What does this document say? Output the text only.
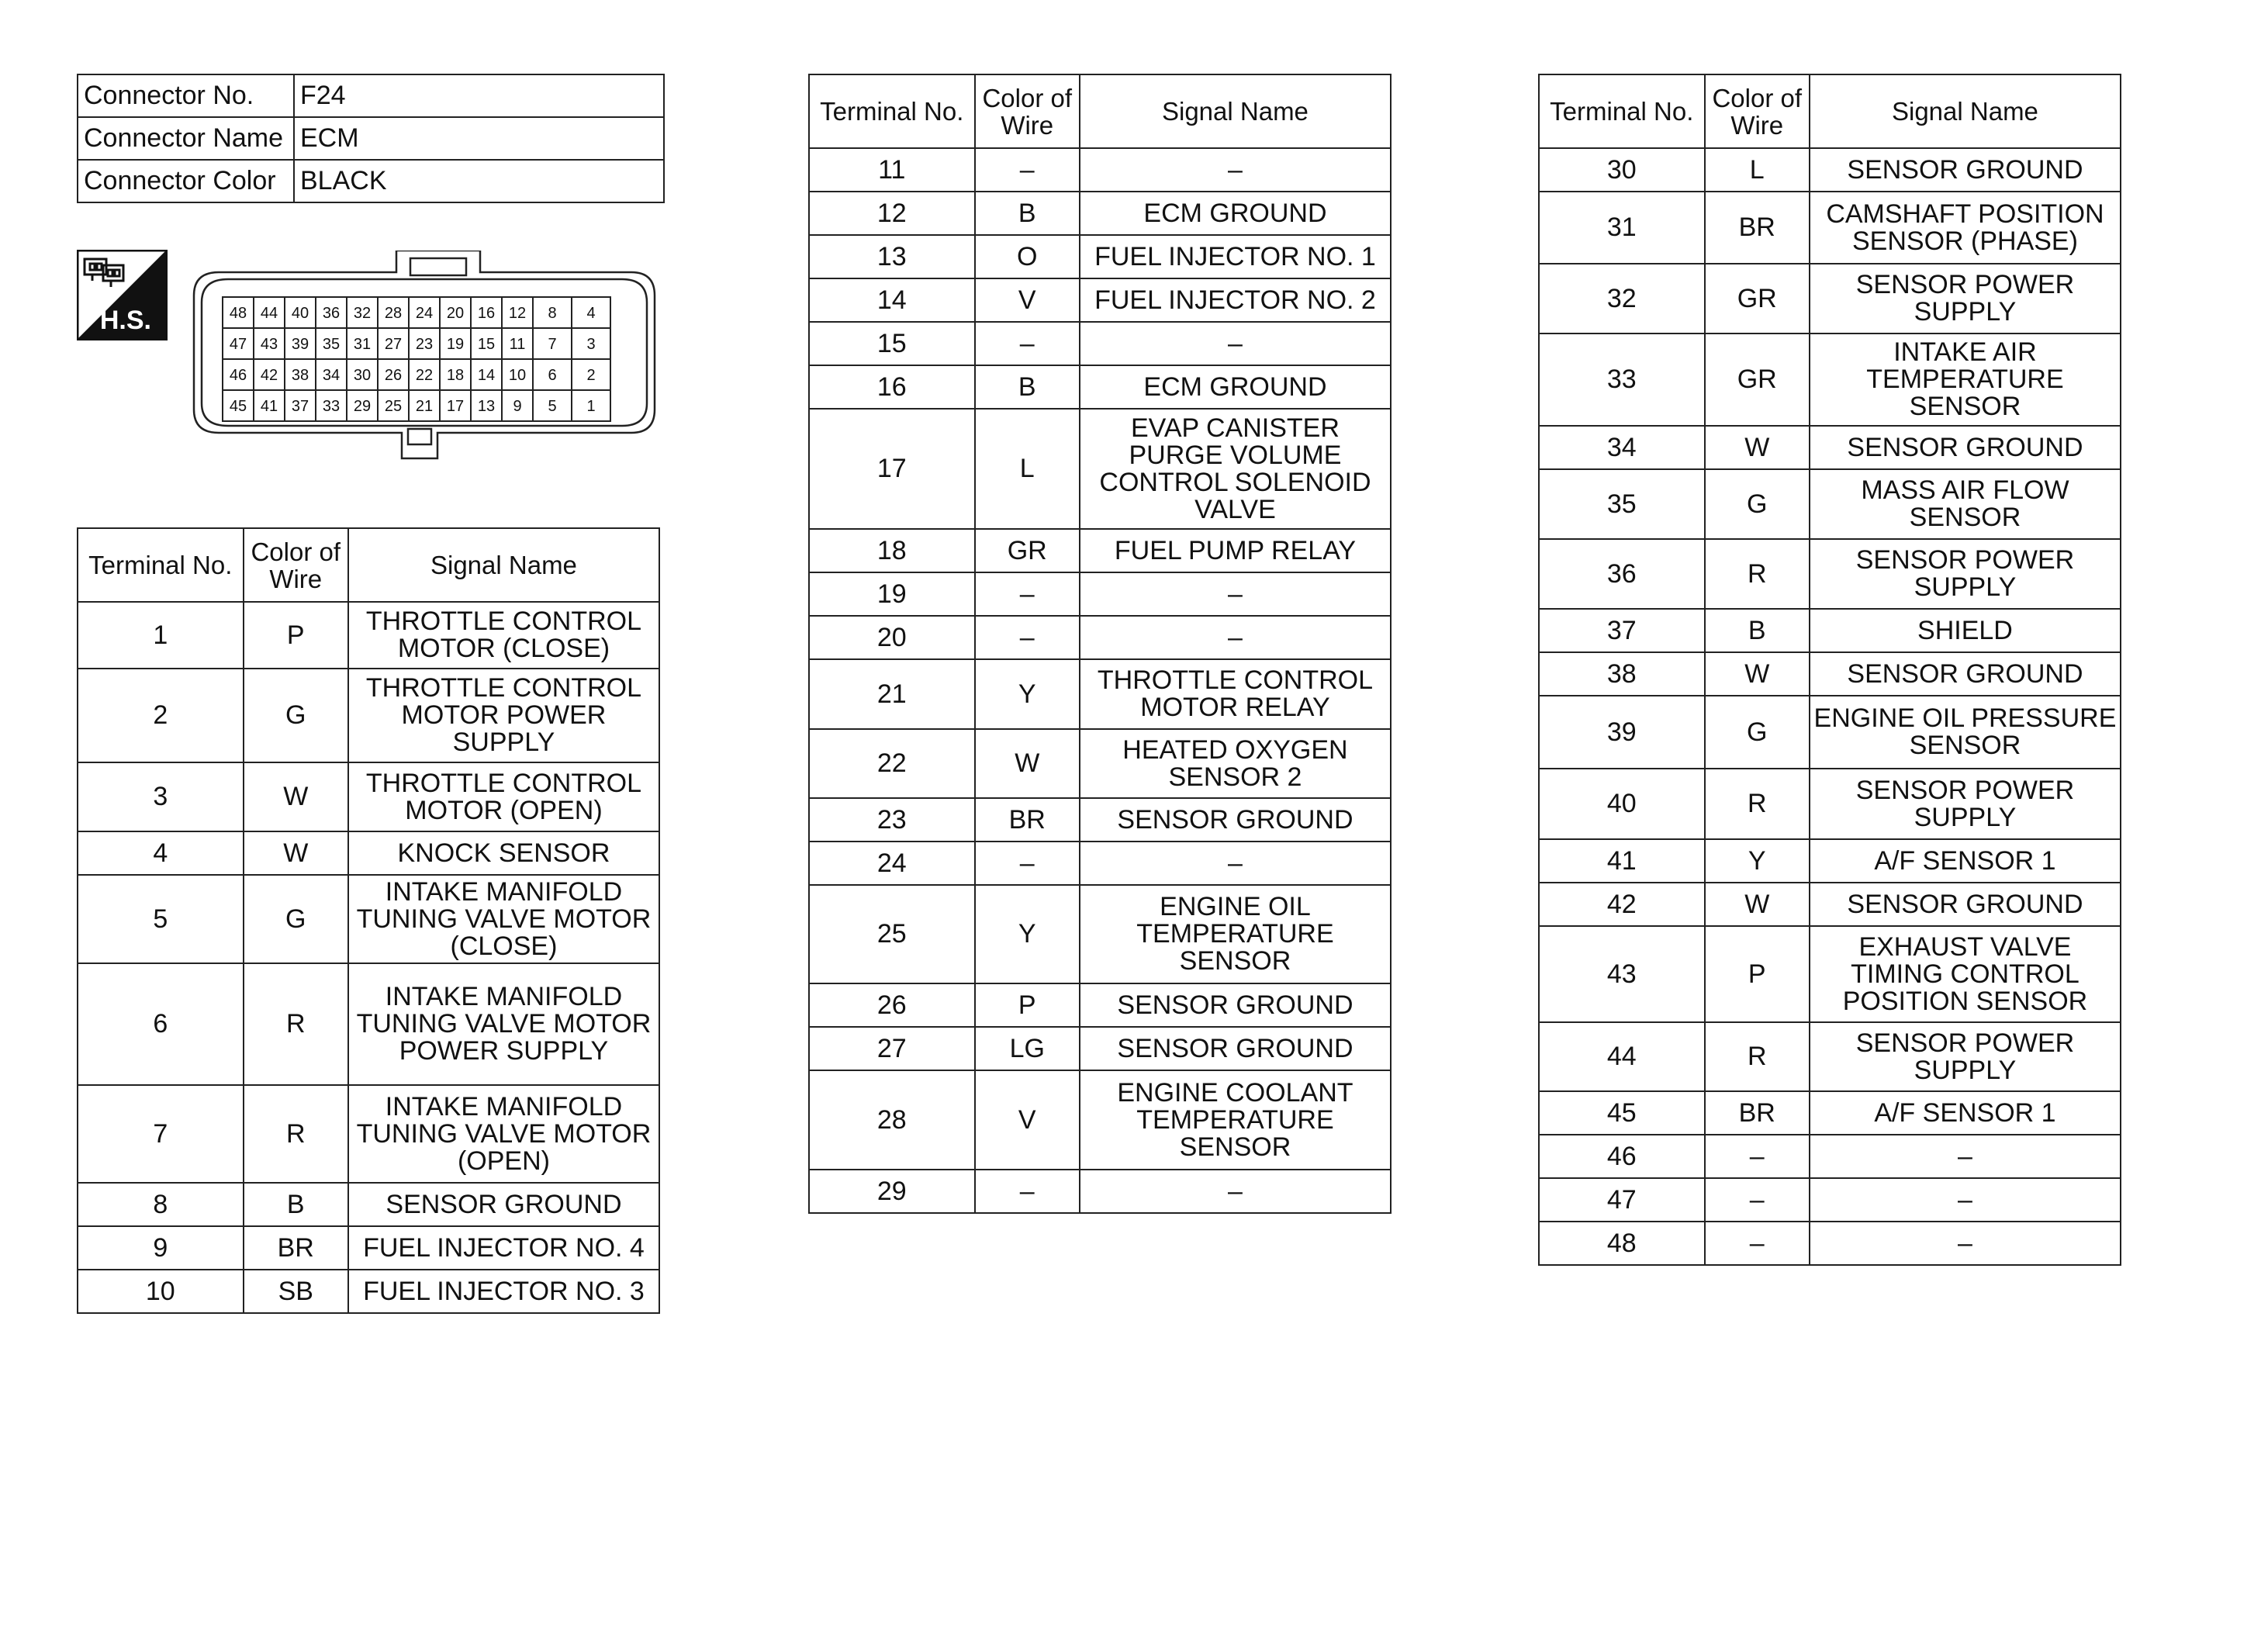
Connector No.	F24
Connector Name	ECM
Connector Color	BLACK
H.S.	48 44 40 36 32 28 24 20 16 12 8 4
47 43 39 35 31 27 23 19 15 11 7 3
46 42 38 34 30 26 22 18 14 10 6 2
45 41 37 33 29 25 21 17 13 9 5 1
Terminal No.	Color of Wire	Signal Name
1	P	THROTTLE CONTROL MOTOR (CLOSE)
2	G	THROTTLE CONTROL MOTOR POWER SUPPLY
3	W	THROTTLE CONTROL MOTOR (OPEN)
4	W	KNOCK SENSOR
5	G	INTAKE MANIFOLD TUNING VALVE MOTOR (CLOSE)
6	R	INTAKE MANIFOLD TUNING VALVE MOTOR POWER SUPPLY
7	R	INTAKE MANIFOLD TUNING VALVE MOTOR (OPEN)
8	B	SENSOR GROUND
9	BR	FUEL INJECTOR NO. 4
10	SB	FUEL INJECTOR NO. 3
Terminal No.	Color of Wire	Signal Name
11	–	–
12	B	ECM GROUND
13	O	FUEL INJECTOR NO. 1
14	V	FUEL INJECTOR NO. 2
15	–	–
16	B	ECM GROUND
17	L	EVAP CANISTER PURGE VOLUME CONTROL SOLENOID VALVE
18	GR	FUEL PUMP RELAY
19	–	–
20	–	–
21	Y	THROTTLE CONTROL MOTOR RELAY
22	W	HEATED OXYGEN SENSOR 2
23	BR	SENSOR GROUND
24	–	–
25	Y	ENGINE OIL TEMPERATURE SENSOR
26	P	SENSOR GROUND
27	LG	SENSOR GROUND
28	V	ENGINE COOLANT TEMPERATURE SENSOR
29	–	–
Terminal No.	Color of Wire	Signal Name
30	L	SENSOR GROUND
31	BR	CAMSHAFT POSITION SENSOR (PHASE)
32	GR	SENSOR POWER SUPPLY
33	GR	INTAKE AIR TEMPERATURE SENSOR
34	W	SENSOR GROUND
35	G	MASS AIR FLOW SENSOR
36	R	SENSOR POWER SUPPLY
37	B	SHIELD
38	W	SENSOR GROUND
39	G	ENGINE OIL PRESSURE SENSOR
40	R	SENSOR POWER SUPPLY
41	Y	A/F SENSOR 1
42	W	SENSOR GROUND
43	P	EXHAUST VALVE TIMING CONTROL POSITION SENSOR
44	R	SENSOR POWER SUPPLY
45	BR	A/F SENSOR 1
46	–	–
47	–	–
48	–	–
